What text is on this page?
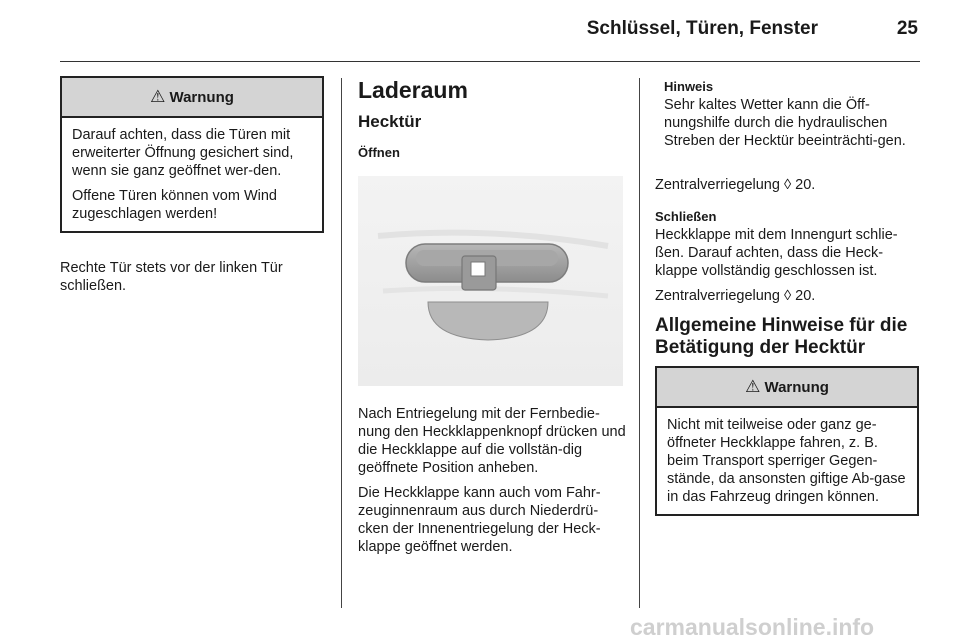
Schlüssel, Türen, Fenster	25
⚠ Warnung

Darauf achten, dass die Türen mit erweiterter Öffnung gesichert sind, wenn sie ganz geöffnet wer-den.

Offene Türen können vom Wind zugeschlagen werden!

Rechte Tür stets vor der linken Tür schließen.
Laderaum
Hecktür
Öffnen

Nach Entriegelung mit der Fernbedie-nung den Heckklappenknopf drücken und die Heckklappe auf die vollstän-dig geöffnete Position anheben.

Die Heckklappe kann auch vom Fahr-zeuginnenraum aus durch Niederdrü-cken der Innenentriegelung der Heck-klappe geöffnet werden.

Hinweis
Sehr kaltes Wetter kann die Öff-nungshilfe durch die hydraulischen Streben der Hecktür beeinträchti-gen.

Zentralverriegelung ◊ 20.

Schließen

Heckklappe mit dem Innengurt schlie-ßen. Darauf achten, dass die Heck-klappe vollständig geschlossen ist.

Zentralverriegelung ◊ 20.

Allgemeine Hinweise für die Betätigung der Hecktür
⚠ Warnung

Nicht mit teilweise oder ganz ge-öffneter Heckklappe fahren, z. B. beim Transport sperriger Gegen-stände, da ansonsten giftige Ab-gase in das Fahrzeug dringen können.

carmanualsonline.info
